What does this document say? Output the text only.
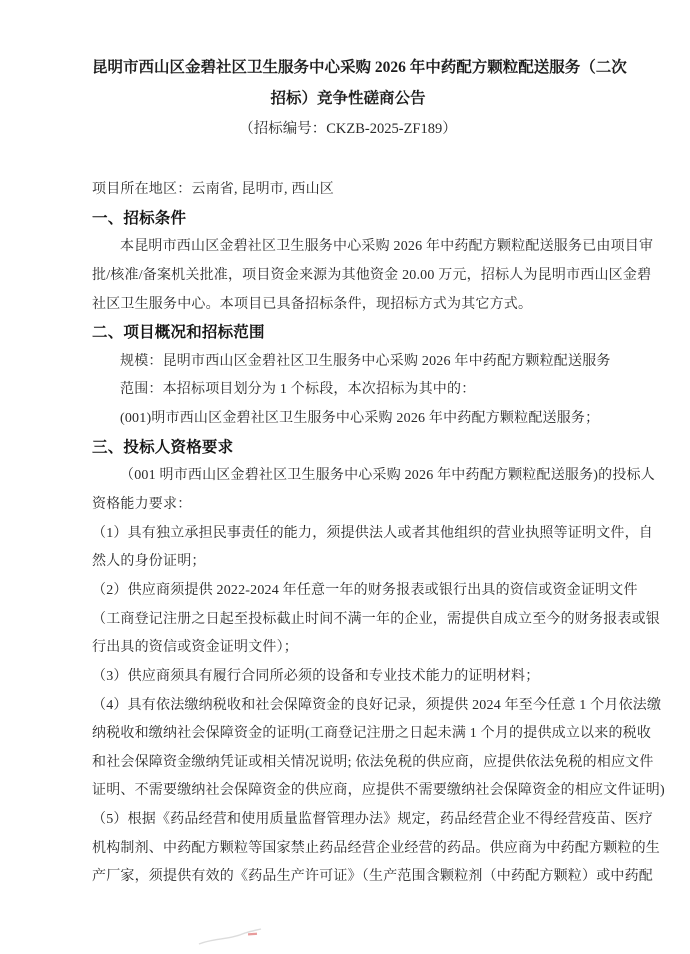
昆明市西山区金碧社区卫生服务中心采购 2026 年中药配方颗粒配送服务（二次
招标）竞争性磋商公告
（招标编号：CKZB-2025-ZF189）
项目所在地区：云南省, 昆明市, 西山区
一、招标条件
本昆明市西山区金碧社区卫生服务中心采购 2026 年中药配方颗粒配送服务已由项目审
批/核准/备案机关批准，项目资金来源为其他资金 20.00 万元，招标人为昆明市西山区金碧
社区卫生服务中心。本项目已具备招标条件，现招标方式为其它方式。
二、项目概况和招标范围
规模：昆明市西山区金碧社区卫生服务中心采购 2026 年中药配方颗粒配送服务
范围：本招标项目划分为 1 个标段，本次招标为其中的：
(001)明市西山区金碧社区卫生服务中心采购 2026 年中药配方颗粒配送服务；
三、投标人资格要求
（001 明市西山区金碧社区卫生服务中心采购 2026 年中药配方颗粒配送服务)的投标人
资格能力要求：
（1）具有独立承担民事责任的能力，须提供法人或者其他组织的营业执照等证明文件，自
然人的身份证明；
（2）供应商须提供 2022-2024 年任意一年的财务报表或银行出具的资信或资金证明文件
（工商登记注册之日起至投标截止时间不满一年的企业，需提供自成立至今的财务报表或银
行出具的资信或资金证明文件）；
（3）供应商须具有履行合同所必须的设备和专业技术能力的证明材料；
（4）具有依法缴纳税收和社会保障资金的良好记录，须提供 2024 年至今任意 1 个月依法缴
纳税收和缴纳社会保障资金的证明(工商登记注册之日起未满 1 个月的提供成立以来的税收
和社会保障资金缴纳凭证或相关情况说明; 依法免税的供应商，应提供依法免税的相应文件
证明、不需要缴纳社会保障资金的供应商，应提供不需要缴纳社会保障资金的相应文件证明)
（5）根据《药品经营和使用质量监督管理办法》规定，药品经营企业不得经营疫苗、医疗
机构制剂、中药配方颗粒等国家禁止药品经营企业经营的药品。供应商为中药配方颗粒的生
产厂家，须提供有效的《药品生产许可证》（生产范围含颗粒剂（中药配方颗粒）或中药配
